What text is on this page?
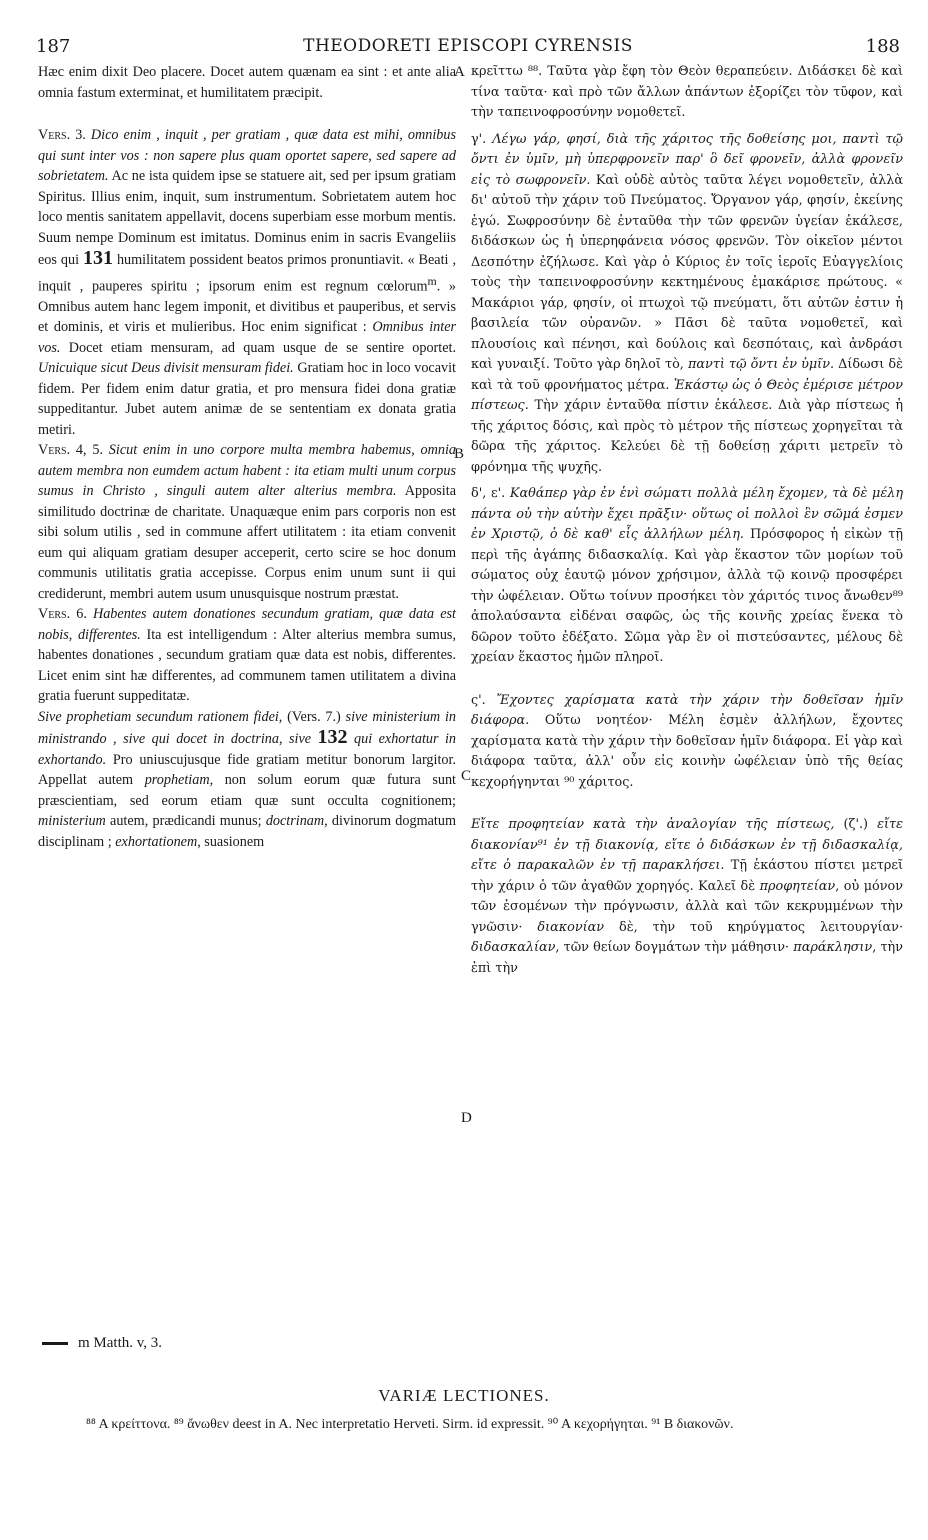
187	THEODORETI EPISCOPI CYRENSIS	188
A
B
C
D

Hæc enim dixit Deo placere. Docet autem quænam ea sint : et ante alia omnia fastum exterminat, et humilitatem præcipit.

Vers. 3. Dico enim , inquit , per gratiam , quæ data est mihi, omnibus qui sunt inter vos : non sapere plus quam oportet sapere, sed sapere ad sobrietatem. Ac ne ista quidem ipse se statuere ait, sed per ipsum gratiam Spiritus. Illius enim, inquit, sum instrumentum. Sobrietatem autem hoc loco mentis sanitatem appellavit, docens superbiam esse morbum mentis. Suum nempe Dominum est imitatus. Dominus enim in sacris Evangeliis eos qui 131 humilitatem possident beatos primos pronuntiavit. « Beati , inquit , pauperes spiritu ; ipsorum enim est regnum cœlorum$^m$. » Omnibus autem hanc legem imponit, et divitibus et pauperibus, et servis et dominis, et viris et mulieribus. Hoc enim significat : Omnibus inter vos. Docet etiam mensuram, ad quam usque de se sentire oportet. Unicuique sicut Deus divisit mensuram fidei. Gratiam hoc in loco vocavit fidem. Per fidem enim datur gratia, et pro mensura fidei dona gratiæ suppeditantur. Jubet autem animæ de se sententiam ex donata gratia metiri.

Vers. 4, 5. Sicut enim in uno corpore multa membra habemus, omnia autem membra non eumdem actum habent : ita etiam multi unum corpus sumus in Christo , singuli autem alter alterius membra. Apposita similitudo doctrinæ de charitate. Unaquæque enim pars corporis non est sibi solum utilis , sed in commune affert utilitatem : ita etiam convenit eum qui aliquam gratiam desuper acceperit, certo scire se hoc donum communis utilitatis gratia accepisse. Corpus enim unum sunt ii qui crediderunt, membri autem usum unusquisque nostrum præstat.

Vers. 6. Habentes autem donationes secundum gratiam, quæ data est nobis, differentes. Ita est intelligendum : Alter alterius membra sumus, habentes donationes , secundum gratiam quæ data est nobis, differentes. Licet enim sint hæ differentes, ad communem tamen utilitatem a divina gratia fuerunt suppeditatæ.

Sive prophetiam secundum rationem fidei, (Vers. 7.) sive ministerium in ministrando , sive qui docet in doctrina, sive 132 qui exhortatur in exhortando. Pro uniuscujusque fide gratiam metitur bonorum largitor. Appellat autem prophetiam, non solum eorum quæ futura sunt præscientiam, sed eorum etiam quæ sunt occulta cognitionem; ministerium autem, prædicandi munus; doctrinam, divinorum dogmatum disciplinam ; exhortationem, suasionem

κρεῖττω ⁸⁸. Ταῦτα γὰρ ἔφη τὸν Θεὸν θεραπεύειν. Διδάσκει δὲ καὶ τίνα ταῦτα· καὶ πρὸ τῶν ἄλλων ἁπάντων ἐξορίζει τὸν τῦφον, καὶ τὴν ταπεινοφροσύνην νομοθετεῖ.

γ'. Λέγω γάρ, φησί, διὰ τῆς χάριτος τῆς δοθείσης μοι, παντὶ τῷ ὄντι ἐν ὑμῖν, μὴ ὑπερφρονεῖν παρ' ὃ δεῖ φρονεῖν, ἀλλὰ φρονεῖν εἰς τὸ σωφρονεῖν. Καὶ οὐδὲ αὐτὸς ταῦτα λέγει νομοθετεῖν, ἀλλὰ δι' αὐτοῦ τὴν χάριν τοῦ Πνεύματος. Ὄργανον γάρ, φησίν, ἐκείνης ἐγώ. Σωφροσύνην δὲ ἐνταῦθα τὴν τῶν φρενῶν ὑγείαν ἐκάλεσε, διδάσκων ὡς ἡ ὑπερηφάνεια νόσος φρενῶν. Τὸν οἰκεῖον μέντοι Δεσπότην ἐζήλωσε. Καὶ γὰρ ὁ Κύριος ἐν τοῖς ἱεροῖς Εὐαγγελίοις τοὺς τὴν ταπεινοφροσύνην κεκτημένους ἐμακάρισε πρώτους. « Μακάριοι γάρ, φησίν, οἱ πτωχοὶ τῷ πνεύματι, ὅτι αὐτῶν ἐστιν ἡ βασιλεία τῶν οὐρανῶν. » Πᾶσι δὲ ταῦτα νομοθετεῖ, καὶ πλουσίοις καὶ πένησι, καὶ δούλοις καὶ δεσπόταις, καὶ ἀνδράσι καὶ γυναιξί. Τοῦτο γὰρ δηλοῖ τὸ, παντὶ τῷ ὄντι ἐν ὑμῖν. Δίδωσι δὲ καὶ τὰ τοῦ φρονήματος μέτρα. Ἑκάστῳ ὡς ὁ Θεὸς ἐμέρισε μέτρον πίστεως. Τὴν χάριν ἐνταῦθα πίστιν ἐκάλεσε. Διὰ γὰρ πίστεως ἡ τῆς χάριτος δόσις, καὶ πρὸς τὸ μέτρον τῆς πίστεως χορηγεῖται τὰ δῶρα τῆς χάριτος. Κελεύει δὲ τῇ δοθείσῃ χάριτι μετρεῖν τὸ φρόνημα τῆς ψυχῆς.

δ', ε'. Καθάπερ γὰρ ἐν ἑνὶ σώματι πολλὰ μέλη ἔχομεν, τὰ δὲ μέλη πάντα οὐ τὴν αὐτὴν ἔχει πρᾶξιν· οὕτως οἱ πολλοὶ ἓν σῶμά ἐσμεν ἐν Χριστῷ, ὁ δὲ καθ' εἷς ἀλλήλων μέλη. Πρόσφορος ἡ εἰκὼν τῇ περὶ τῆς ἀγάπης διδασκαλίᾳ. Καὶ γὰρ ἕκαστον τῶν μορίων τοῦ σώματος οὐχ ἑαυτῷ μόνον χρήσιμον, ἀλλὰ τῷ κοινῷ προσφέρει τὴν ὠφέλειαν. Οὕτω τοίνυν προσήκει τὸν χάριτός τινος ἄνωθεν⁸⁹ ἀπολαύσαντα εἰδέναι σαφῶς, ὡς τῆς κοινῆς χρείας ἕνεκα τὸ δῶρον τοῦτο ἐδέξατο. Σῶμα γὰρ ἓν οἱ πιστεύσαντες, μέλους δὲ χρείαν ἕκαστος ἡμῶν πληροῖ.

ς'. Ἔχοντες χαρίσματα κατὰ τὴν χάριν τὴν δοθεῖσαν ἡμῖν διάφορα. Οὕτω νοητέον· Μέλη ἐσμὲν ἀλλήλων, ἔχοντες χαρίσματα κατὰ τὴν χάριν τὴν δοθεῖσαν ἡμῖν διάφορα. Εἰ γὰρ καὶ διάφορα ταῦτα, ἀλλ' οὖν εἰς κοινὴν ὠφέλειαν ὑπὸ τῆς θείας κεχορήγηνται ⁹⁰ χάριτος.

Εἴτε προφητείαν κατὰ τὴν ἀναλογίαν τῆς πίστεως, (ζ'.) εἴτε διακονίαν⁹¹ ἐν τῇ διακονίᾳ, εἴτε ὁ διδάσκων ἐν τῇ διδασκαλίᾳ, εἴτε ὁ παρακαλῶν ἐν τῇ παρακλήσει. Τῇ ἑκάστου πίστει μετρεῖ τὴν χάριν ὁ τῶν ἀγαθῶν χορηγός. Καλεῖ δὲ προφητείαν, οὐ μόνον τῶν ἐσομένων τὴν πρόγνωσιν, ἀλλὰ καὶ τῶν κεκρυμμένων τὴν γνῶσιν· διακονίαν δὲ, τὴν τοῦ κηρύγματος λειτουργίαν· διδασκαλίαν, τῶν θείων δογμάτων τὴν μάθησιν· παράκλησιν, τὴν ἐπὶ τὴν

m Matth. v, 3.
VARIÆ LECTIONES.
⁸⁸ A κρείττονα. ⁸⁹ ἄνωθεν deest in A. Nec interpretatio Herveti. Sirm. id expressit. ⁹⁰ A κεχορήγηται. ⁹¹ B διακονῶν.
